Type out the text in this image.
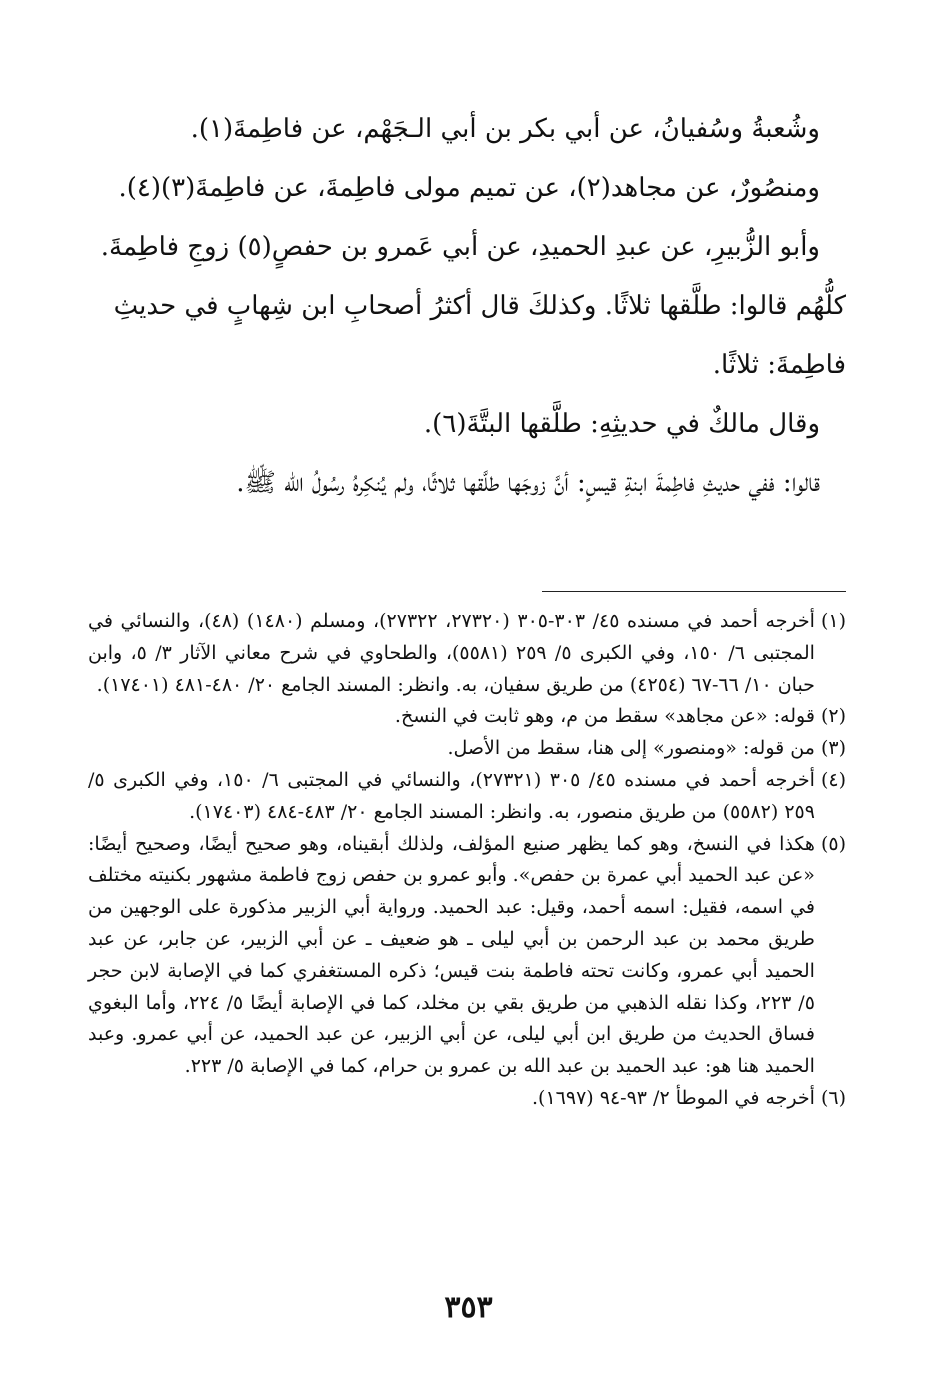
وشُعبةُ وسُفيانُ، عن أبي بكر بن أبي الـجَهْم، عن فاطِمةَ(١).

ومنصُورٌ، عن مجاهد(٢)، عن تميم مولى فاطِمةَ، عن فاطِمةَ(٣)(٤).

وأبو الزُّبيرِ، عن عبدِ الحميدِ، عن أبي عَمرو بن حفصٍ(٥) زوجِ فاطِمةَ.

كلُّهُم قالوا: طلَّقها ثلاثًا. وكذلكَ قال أكثرُ أصحابِ ابن شِهابٍ في حديثِ فاطِمةَ: ثلاثًا.

وقال مالكٌ في حديثِهِ: طلَّقها البتَّةَ(٦).

قالوا: ففي حديثِ فاطِمةَ ابنةِ قيسٍ: أنَّ زوجَها طلَّقها ثلاثًا، ولم يُنكِرهُ رسُولُ الله ﷺ.

(١)
أخرجه أحمد في مسنده ٤٥/ ٣٠٣-٣٠٥ (٢٧٣٢٠، ٢٧٣٢٢)، ومسلم (١٤٨٠) (٤٨)، والنسائي في المجتبى ٦/ ١٥٠، وفي الكبرى ٥/ ٢٥٩ (٥٥٨١)، والطحاوي في شرح معاني الآثار ٣/ ٥، وابن حبان ١٠/ ٦٦-٦٧ (٤٢٥٤) من طريق سفيان، به. وانظر: المسند الجامع ٢٠/ ٤٨٠-٤٨١ (١٧٤٠١).
(٢)
قوله: «عن مجاهد» سقط من م، وهو ثابت في النسخ.
(٣)
من قوله: «ومنصور» إلى هنا، سقط من الأصل.
(٤)
أخرجه أحمد في مسنده ٤٥/ ٣٠٥ (٢٧٣٢١)، والنسائي في المجتبى ٦/ ١٥٠، وفي الكبرى ٥/ ٢٥٩ (٥٥٨٢) من طريق منصور، به. وانظر: المسند الجامع ٢٠/ ٤٨٣-٤٨٤ (١٧٤٠٣).
(٥)
هكذا في النسخ، وهو كما يظهر صنيع المؤلف، ولذلك أبقيناه، وهو صحيح أيضًا، وصحيح أيضًا: «عن عبد الحميد أبي عمرة بن حفص». وأبو عمرو بن حفص زوج فاطمة مشهور بكنيته مختلف في اسمه، فقيل: اسمه أحمد، وقيل: عبد الحميد. ورواية أبي الزبير مذكورة على الوجهين من طريق محمد بن عبد الرحمن بن أبي ليلى ـ هو ضعيف ـ عن أبي الزبير، عن جابر، عن عبد الحميد أبي عمرو، وكانت تحته فاطمة بنت قيس؛ ذكره المستغفري كما في الإصابة لابن حجر ٥/ ٢٢٣، وكذا نقله الذهبي من طريق بقي بن مخلد، كما في الإصابة أيضًا ٥/ ٢٢٤، وأما البغوي فساق الحديث من طريق ابن أبي ليلى، عن أبي الزبير، عن عبد الحميد، عن أبي عمرو. وعبد الحميد هنا هو: عبد الحميد بن عبد الله بن عمرو بن حرام، كما في الإصابة ٥/ ٢٢٣.
(٦)
أخرجه في الموطأ ٢/ ٩٣-٩٤ (١٦٩٧).
٣٥٣
